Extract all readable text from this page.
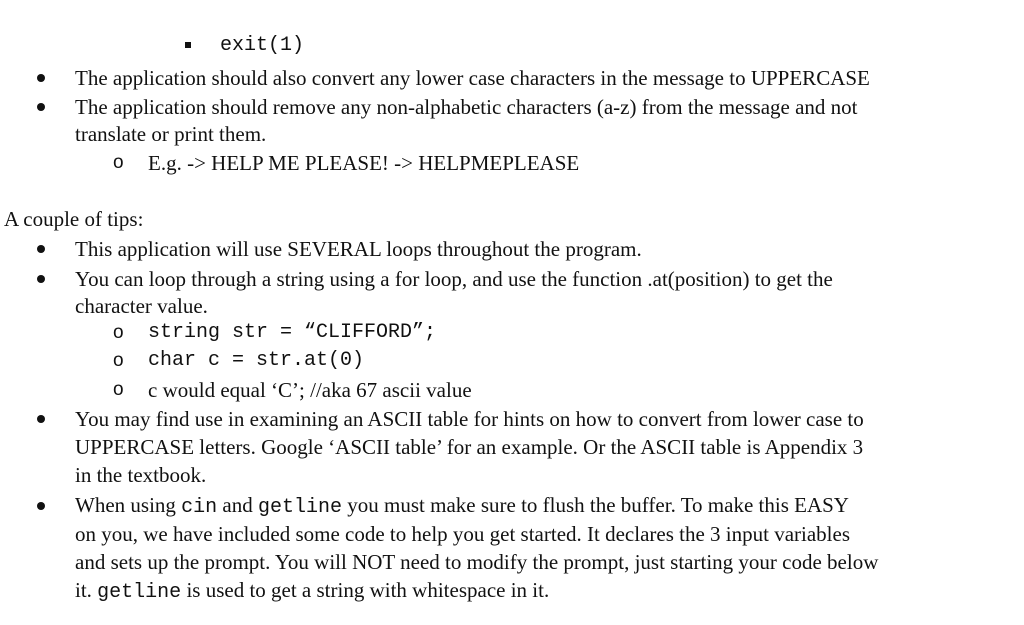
exit(1)
The application should also convert any lower case characters in the message to UPPERCASE
The application should remove any non-alphabetic characters (a-z) from the message and not
translate or print them.
o E.g. -> HELP ME PLEASE! -> HELPMEPLEASE
A couple of tips:
This application will use SEVERAL loops throughout the program.
You can loop through a string using a for loop, and use the function .at(position) to get the
character value.
o string str = “CLIFFORD”;
o char c = str.at(0)
o c would equal ‘C’; //aka 67 ascii value
You may find use in examining an ASCII table for hints on how to convert from lower case to
UPPERCASE letters. Google ‘ASCII table’ for an example. Or the ASCII table is Appendix 3
in the textbook.
When using cin and getline you must make sure to flush the buffer. To make this EASY
on you, we have included some code to help you get started. It declares the 3 input variables
and sets up the prompt. You will NOT need to modify the prompt, just starting your code below
it. getline is used to get a string with whitespace in it.
